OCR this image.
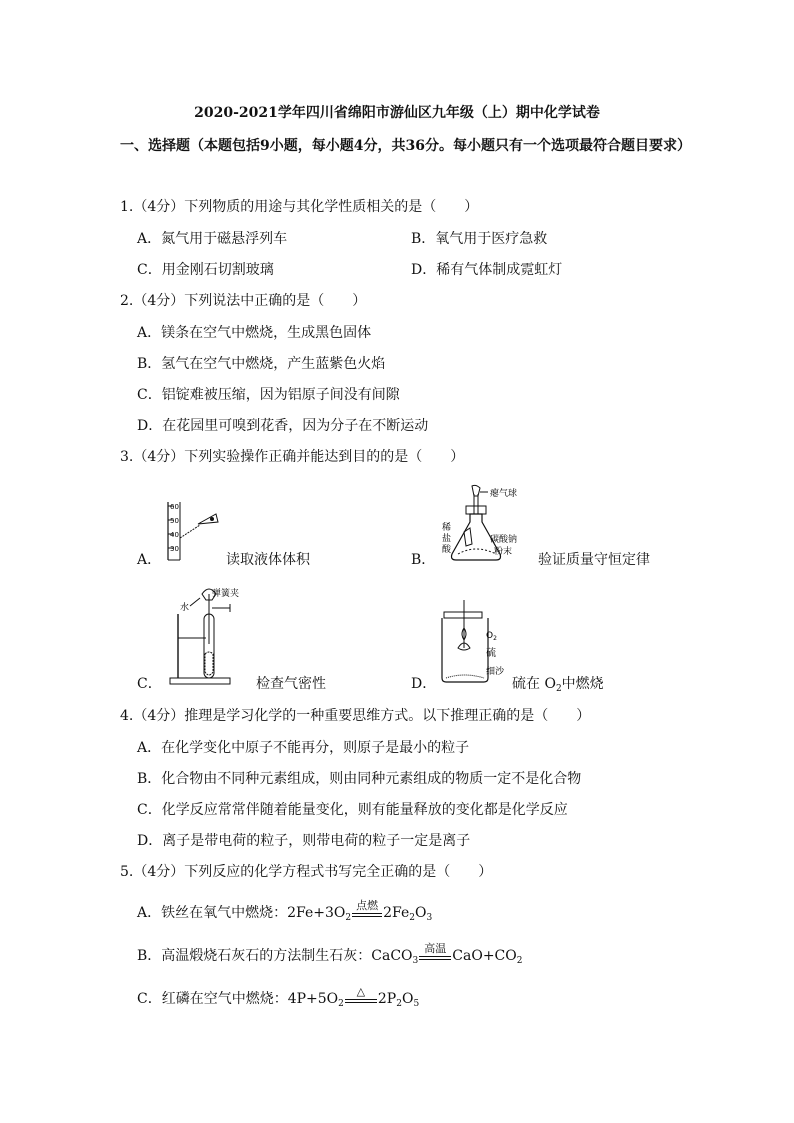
2020-2021学年四川省绵阳市游仙区九年级（上）期中化学试卷
一、选择题（本题包括9小题，每小题4分，共36分。每小题只有一个选项最符合题目要求）
1.（4分）下列物质的用途与其化学性质相关的是（　　）
A．氮气用于磁悬浮列车	B．氧气用于医疗急救
C．用金刚石切割玻璃	D．稀有气体制成霓虹灯
2.（4分）下列说法中正确的是（　　）
A．镁条在空气中燃烧，生成黑色固体
B．氢气在空气中燃烧，产生蓝紫色火焰
C．铝锭难被压缩，因为铝原子间没有间隙
D．在花园里可嗅到花香，因为分子在不断运动
3.（4分）下列实验操作正确并能达到目的的是（　　）
60
50
40
30
A．	读取液体体积
瘪气球
稀
盐
酸
碳酸钠
粉末
B．	验证质量守恒定律
水
弹簧夹
C．	检查气密性
$O_2$
硫
细沙
D．	硫在 $O_2$中燃烧
4.（4分）推理是学习化学的一种重要思维方式。以下推理正确的是（　　）
A．在化学变化中原子不能再分，则原子是最小的粒子
B．化合物由不同种元素组成，则由同种元素组成的物质一定不是化合物
C．化学反应常常伴随着能量变化，则有能量释放的变化都是化学反应
D．离子是带电荷的粒子，则带电荷的粒子一定是离子
5.（4分）下列反应的化学方程式书写完全正确的是（　　）
A．铁丝在氧气中燃烧：$2Fe+3O_2$
点燃 $2Fe_2O_3$
B．高温煅烧石灰石的方法制生石灰：CaCO$_3$
高温 $CaO+CO_2$
C．红磷在空气中燃烧：$4P+5O_2$
△ $2P_2O_5$
